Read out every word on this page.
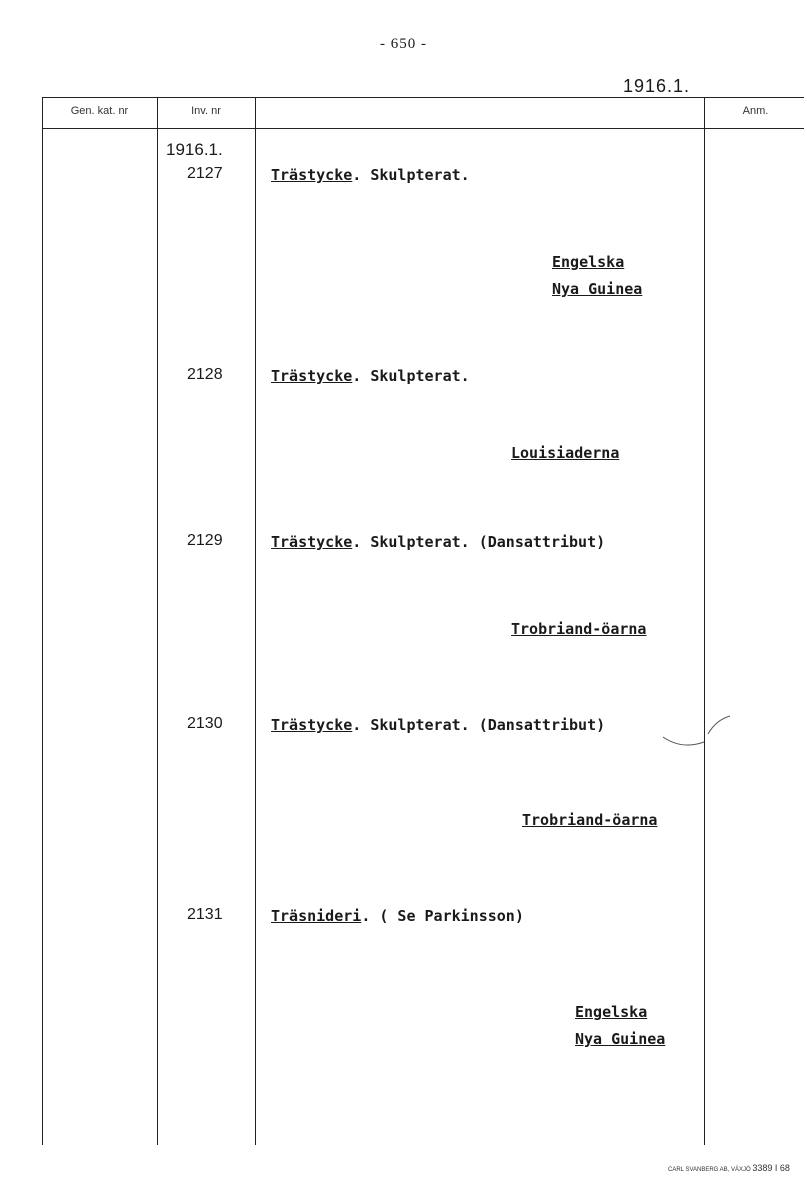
- 650 -
1916.1.
Gen. kat. nr	Inv. nr	Anm.
1916.1.
2127	Trästycke. Skulpterat.
Engelska
Nya Guinea
2128	Trästycke. Skulpterat.
Louisiaderna
2129	Trästycke. Skulpterat. (Dansattribut)
Trobriand-öarna
2130	Trästycke. Skulpterat. (Dansattribut)
Trobriand-öarna
2131	Träsnideri. ( Se Parkinsson)
Engelska
Nya Guinea
CARL SVANBERG AB, VÄXJÖ 3389 I 68
